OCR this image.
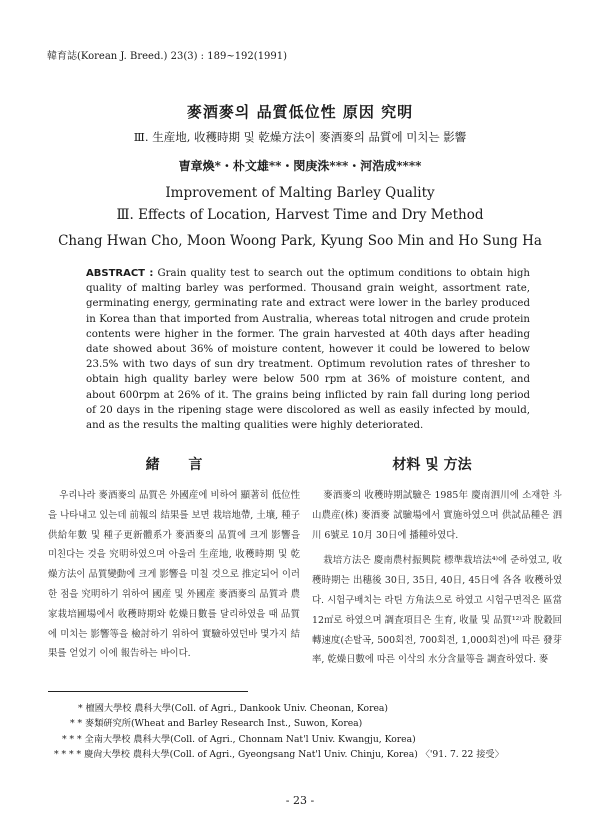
韓育誌(Korean J. Breed.) 23(3) : 189~192(1991)
麥酒麥의 品質低位性 原因 究明
Ⅲ. 生産地, 收穫時期 및 乾燥方法이 麥酒麥의 品質에 미치는 影響
曺章煥*・朴文雄**・閔庚洙***・河浩成****
Improvement of Malting Barley Quality
Ⅲ. Effects of Location, Harvest Time and Dry Method
Chang Hwan Cho, Moon Woong Park, Kyung Soo Min and Ho Sung Ha
ABSTRACT : Grain quality test to search out the optimum conditions to obtain high quality of malting barley was performed. Thousand grain weight, assortment rate, germinating energy, germinating rate and extract were lower in the barley produced in Korea than that imported from Australia, whereas total nitrogen and crude protein contents were higher in the former. The grain harvested at 40th days after heading date showed about 36% of moisture content, however it could be lowered to below 23.5% with two days of sun dry treatment. Optimum revolution rates of thresher to obtain high quality barley were below 500 rpm at 36% of moisture content, and about 600rpm at 26% of it. The grains being inflicted by rain fall during long period of 20 days in the ripening stage were discolored as well as easily infected by mould, and as the results the malting qualities were highly deteriorated.
緒 言	材料 및 方法

우리나라 麥酒麥의 品質은 外國産에 비하여 顯著히 低位性을 나타내고 있는데 前報의 結果를 보면 栽培地帶, 土壤, 種子供給年數 및 種子更新體系가 麥酒麥의 品質에 크게 影響을 미친다는 것을 究明하였으며 아울러 生産地, 收穫時期 및 乾燥方法이 品質變動에 크게 影響을 미칠 것으로 推定되어 이러한 점을 究明하기 위하여 國産 및 外國産 麥酒麥의 品質과 農家栽培圃場에서 收穫時期와 乾燥日數를 달리하였을 때 品質에 미치는 影響等을 檢討하기 위하여 實驗하였던바 몇가지 結果를 얻었기 이에 報告하는 바이다.

麥酒麥의 收穫時期試驗은 1985年 慶南泗川에 소재한 斗山農産(株) 麥酒麥 試驗場에서 實施하였으며 供試品種은 泗川 6號로 10月 30日에 播種하였다.

栽培方法은 慶南農村振興院 標準栽培法⁴⁾에 준하였고, 收穫時期는 出穗後 30日, 35日, 40日, 45日에 各各 收穫하였다. 시험구배치는 라틴 方角法으로 하였고 시험구면적은 區當 12㎡로 하였으며 調査項目은 生育, 收量 및 品質¹²⁾과 脫穀回轉速度(손탈곡, 500회전, 700회전, 1,000회전)에 따른 發芽率, 乾燥日數에 따른 이삭의 水分含量等을 調査하였다. 麥

* 檀國大學校 農科大學(Coll. of Agri., Dankook Univ. Cheonan, Korea)
* * 麥類硏究所(Wheat and Barley Research Inst., Suwon, Korea)
* * * 全南大學校 農科大學(Coll. of Agri., Chonnam Nat'l Univ. Kwangju, Korea)
* * * * 慶尙大學校 農科大學(Coll. of Agri., Gyeongsang Nat'l Univ. Chinju, Korea) 〈'91. 7. 22 接受〉
- 23 -
